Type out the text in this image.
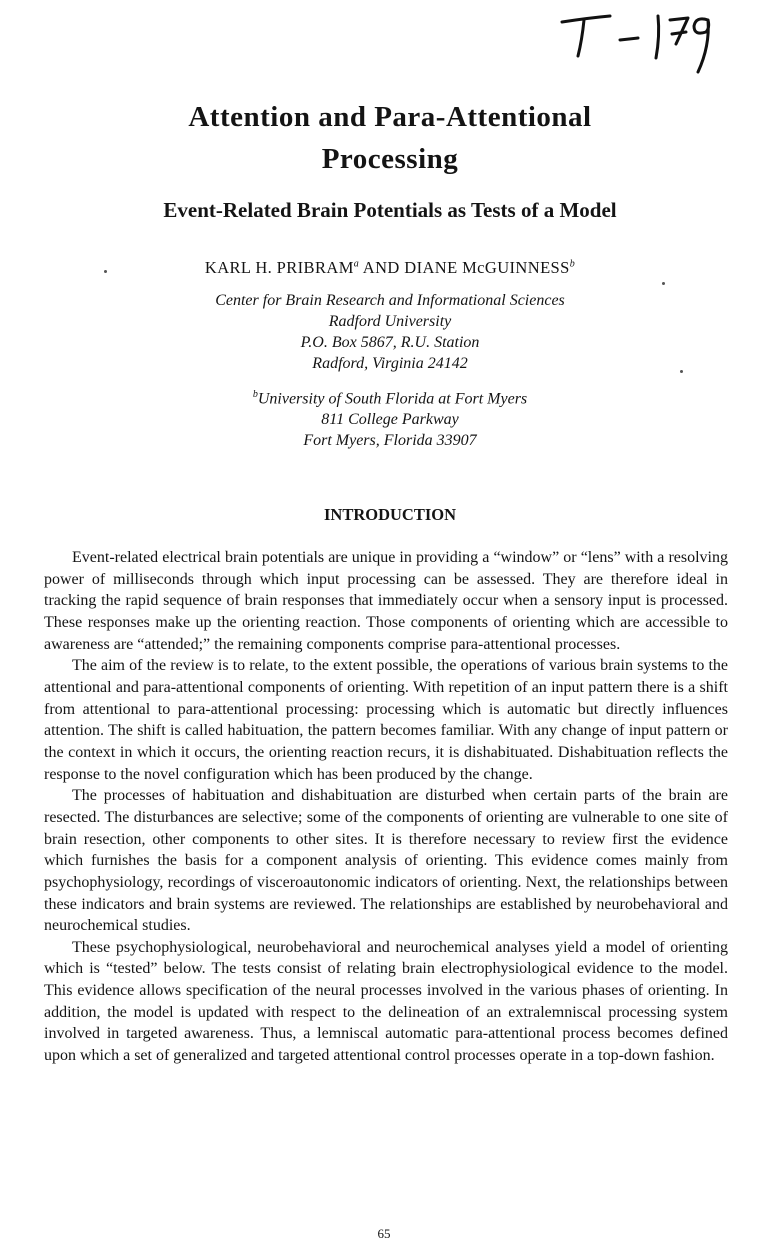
Attention and Para-Attentional
Processing
Event-Related Brain Potentials as Tests of a Model
KARL H. PRIBRAM$^a$ AND DIANE McGUINNESS$^b$
Center for Brain Research and Informational Sciences
Radford University
P.O. Box 5867, R.U. Station
Radford, Virginia 24142
$^b$University of South Florida at Fort Myers
811 College Parkway
Fort Myers, Florida 33907
INTRODUCTION

Event-related electrical brain potentials are unique in providing a “window” or “lens” with a resolving power of milliseconds through which input processing can be assessed. They are therefore ideal in tracking the rapid sequence of brain responses that immediately occur when a sensory input is processed. These responses make up the orienting reaction. Those components of orienting which are accessible to awareness are “attended;” the remaining components comprise para-attentional processes.

The aim of the review is to relate, to the extent possible, the operations of various brain systems to the attentional and para-attentional components of orienting. With repetition of an input pattern there is a shift from attentional to para-attentional processing: processing which is automatic but directly influences attention. The shift is called habituation, the pattern becomes familiar. With any change of input pattern or the context in which it occurs, the orienting reaction recurs, it is dishabituated. Dishabituation reflects the response to the novel configuration which has been produced by the change.

The processes of habituation and dishabituation are disturbed when certain parts of the brain are resected. The disturbances are selective; some of the components of orienting are vulnerable to one site of brain resection, other components to other sites. It is therefore necessary to review first the evidence which furnishes the basis for a component analysis of orienting. This evidence comes mainly from psychophysiology, recordings of visceroautonomic indicators of orienting. Next, the relationships between these indicators and brain systems are reviewed. The relationships are established by neurobehavioral and neurochemical studies.

These psychophysiological, neurobehavioral and neurochemical analyses yield a model of orienting which is “tested” below. The tests consist of relating brain electrophysiological evidence to the model. This evidence allows specification of the neural processes involved in the various phases of orienting. In addition, the model is updated with respect to the delineation of an extralemniscal processing system involved in targeted awareness. Thus, a lemniscal automatic para-attentional process becomes defined upon which a set of generalized and targeted attentional control processes operate in a top-down fashion.

65
